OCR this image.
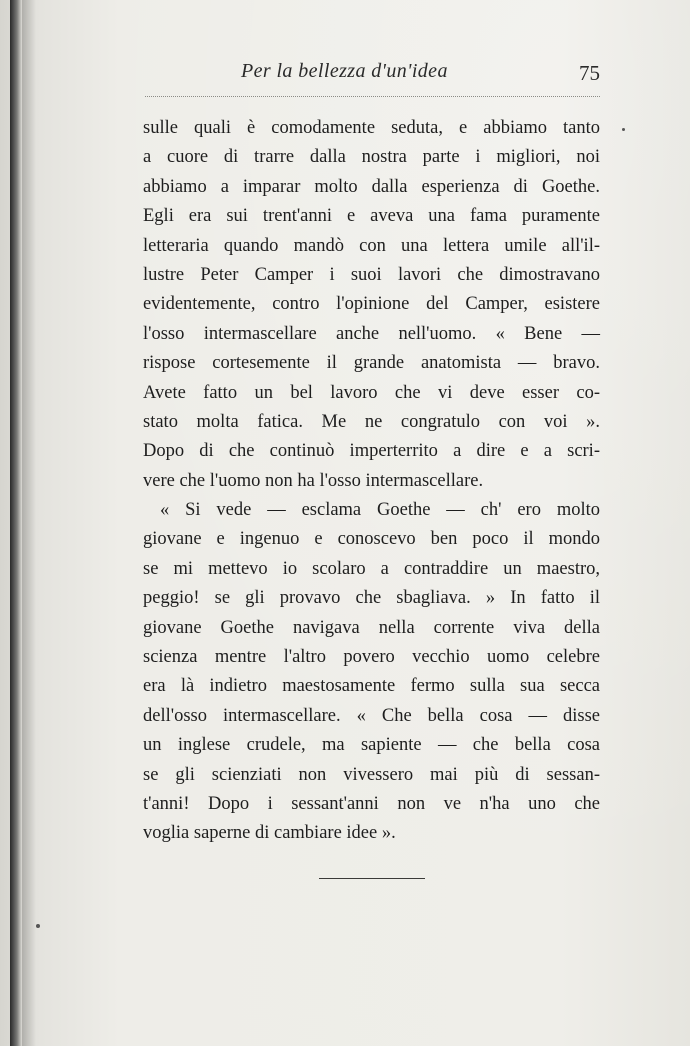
Per la bellezza d'un'idea	75
sulle quali è comodamente seduta, e abbiamo tanto
a cuore di trarre dalla nostra parte i migliori, noi
abbiamo a imparar molto dalla esperienza di Goethe.
Egli era sui trent'anni e aveva una fama puramente
letteraria quando mandò con una lettera umile all'il-
lustre Peter Camper i suoi lavori che dimostravano
evidentemente, contro l'opinione del Camper, esistere
l'osso intermascellare anche nell'uomo. « Bene —
rispose cortesemente il grande anatomista — bravo.
Avete fatto un bel lavoro che vi deve esser co-
stato molta fatica. Me ne congratulo con voi ».
Dopo di che continuò imperterrito a dire e a scri-
vere che l'uomo non ha l'osso intermascellare.
« Si vede — esclama Goethe — ch' ero molto
giovane e ingenuo e conoscevo ben poco il mondo
se mi mettevo io scolaro a contraddire un maestro,
peggio! se gli provavo che sbagliava. » In fatto il
giovane Goethe navigava nella corrente viva della
scienza mentre l'altro povero vecchio uomo celebre
era là indietro maestosamente fermo sulla sua secca
dell'osso intermascellare. « Che bella cosa — disse
un inglese crudele, ma sapiente — che bella cosa
se gli scienziati non vivessero mai più di sessan-
t'anni! Dopo i sessant'anni non ve n'ha uno che
voglia saperne di cambiare idee ».
